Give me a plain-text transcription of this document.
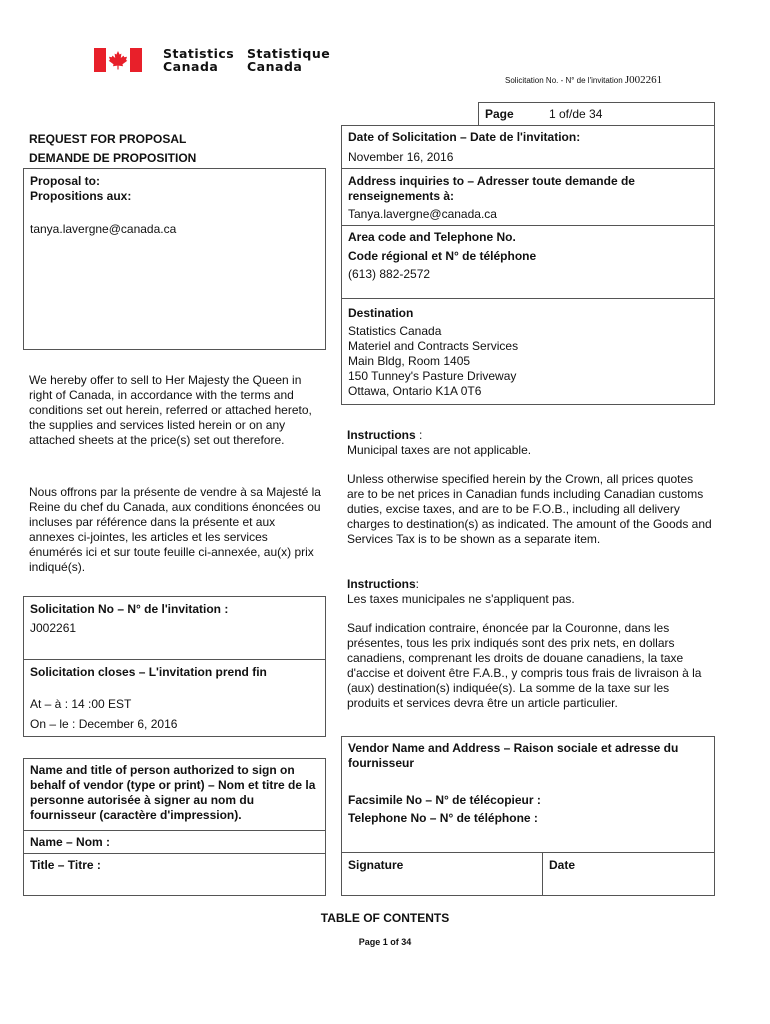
Statistics
Canada
Statistique
Canada
Solicitation No. - N° de l'invitation J002261
Page	1 of/de 34
REQUEST FOR PROPOSAL
DEMANDE DE PROPOSITION
Date of Solicitation – Date de l'invitation:
November 16, 2016
Address inquiries to – Adresser toute demande de renseignements à:
Tanya.lavergne@canada.ca
Area code and Telephone No.
Code régional et N° de téléphone
(613) 882-2572
Destination
Statistics Canada
Materiel and Contracts Services
Main Bldg, Room 1405
150 Tunney's Pasture Driveway
Ottawa, Ontario K1A 0T6
Proposal to:
Propositions aux:
tanya.lavergne@canada.ca
We hereby offer to sell to Her Majesty the Queen in right of Canada, in accordance with the terms and conditions set out herein, referred or attached hereto, the supplies and services listed herein or on any attached sheets at the price(s) set out therefore.
Nous offrons par la présente de vendre à sa Majesté la Reine du chef du Canada, aux conditions énoncées ou incluses par référence dans la présente et aux annexes ci-jointes, les articles et les services énumérés ici et sur toute feuille ci-annexée, au(x) prix indiqué(s).
Instructions :
Municipal taxes are not applicable.
Unless otherwise specified herein by the Crown, all prices quotes are to be net prices in Canadian funds including Canadian customs duties, excise taxes, and are to be F.O.B., including all delivery charges to destination(s) as indicated. The amount of the Goods and Services Tax is to be shown as a separate item.
Instructions:
Les taxes municipales ne s'appliquent pas.
Sauf indication contraire, énoncée par la Couronne, dans les présentes, tous les prix indiqués sont des prix nets, en dollars canadiens, comprenant les droits de douane canadiens, la taxe d'accise et doivent être F.A.B., y compris tous frais de livraison à la (aux) destination(s) indiquée(s). La somme de la taxe sur les produits et services devra être un article particulier.
Solicitation No – N° de l'invitation :
J002261
Solicitation closes – L'invitation prend fin
At – à : 14 :00 EST
On – le : December 6, 2016
Vendor Name and Address – Raison sociale et adresse du fournisseur
Facsimile No – N° de télécopieur :
Telephone No – N° de téléphone :
Signature	Date
Name and title of person authorized to sign on behalf of vendor (type or print) – Nom et titre de la personne autorisée à signer au nom du fournisseur (caractère d'impression).
Name – Nom :
Title – Titre :
TABLE OF CONTENTS
Page 1 of 34
